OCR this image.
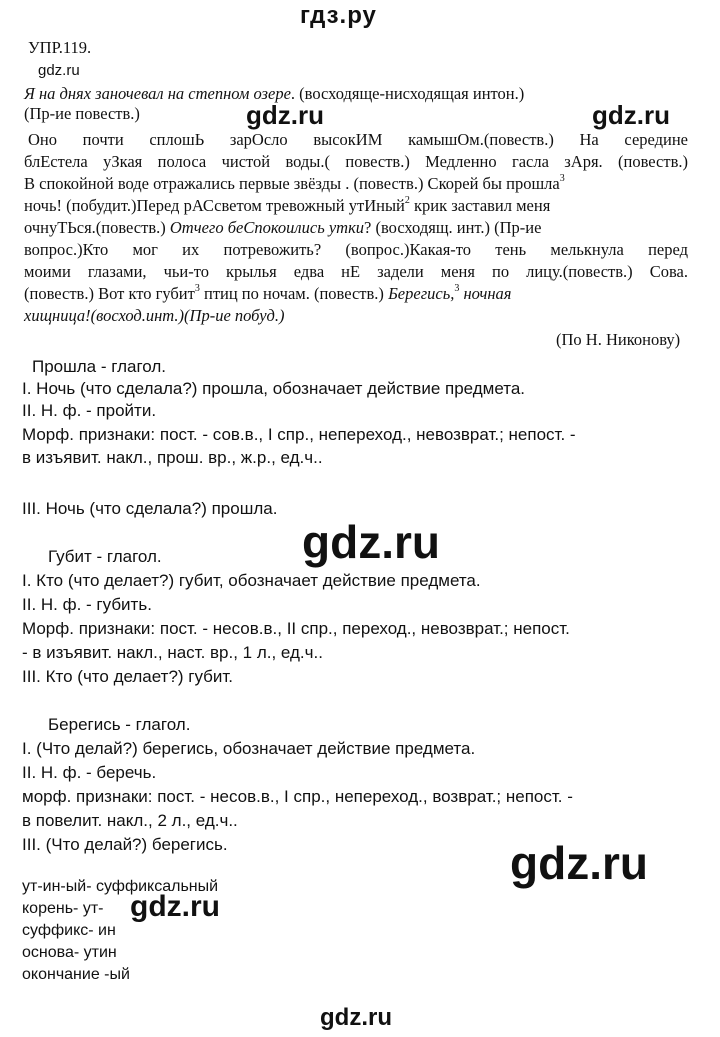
гдз.ру
УПР.119.
gdz.ru
gdz.ru	gdz.ru
Я на днях заночевал на степном озере. (восходяще-нисходящая интон.)
(Пр-ие повеств.)
Оно почти сплошЬ зарОсло высокИМ камышОм.(повеств.) На середине
блЕстела уЗкая полоса чистой воды.( повеств.) Медленно гасла зАря. (повеств.)
В спокойной воде отражались первые звёзды . (повеств.) Скорей бы прошла$^3$
ночь! (побудит.)Перед рАСсветом тревожный утИный$^2$ крик заставил меня
очнуТЬся.(повеств.) Отчего беСпокоились утки? (восходящ. инт.) (Пр-ие
вопрос.)Кто мог их потревожить? (вопрос.)Какая-то тень мелькнула перед
моими глазами, чьи-то крылья едва нЕ задели меня по лицу.(повеств.) Сова.
(повеств.) Вот кто губит$^3$ птиц по ночам. (повеств.) Берегись,$^3$ ночная
хищница!(восход.инт.)(Пр-ие побуд.)
(По Н. Никонову)
Прошла - глагол.
I. Ночь (что сделала?) прошла, обозначает действие предмета.
II. Н. ф. - пройти.
Морф. признаки: пост. - сов.в., I спр., непереход., невозврат.; непост. -
в изъявит. накл., прош. вр., ж.р., ед.ч..
III. Ночь (что сделала?) прошла.
gdz.ru
Губит - глагол.
I. Кто (что делает?) губит, обозначает действие предмета.
II. Н. ф. - губить.
Морф. признаки: пост. - несов.в., II спр., переход., невозврат.; непост.
- в изъявит. накл., наст. вр., 1 л., ед.ч..
III. Кто (что делает?) губит.
Берегись - глагол.
I. (Что делай?) берегись, обозначает действие предмета.
II. Н. ф. - беречь.
морф. признаки: пост. - несов.в., I спр., непереход., возврат.; непост. -
в повелит. накл., 2 л., ед.ч..
III. (Что делай?) берегись.	gdz.ru
ут-ин-ый- суффиксальный
корень- ут-
суффикс- ин
основа- утин
окончание -ый
gdz.ru
gdz.ru
